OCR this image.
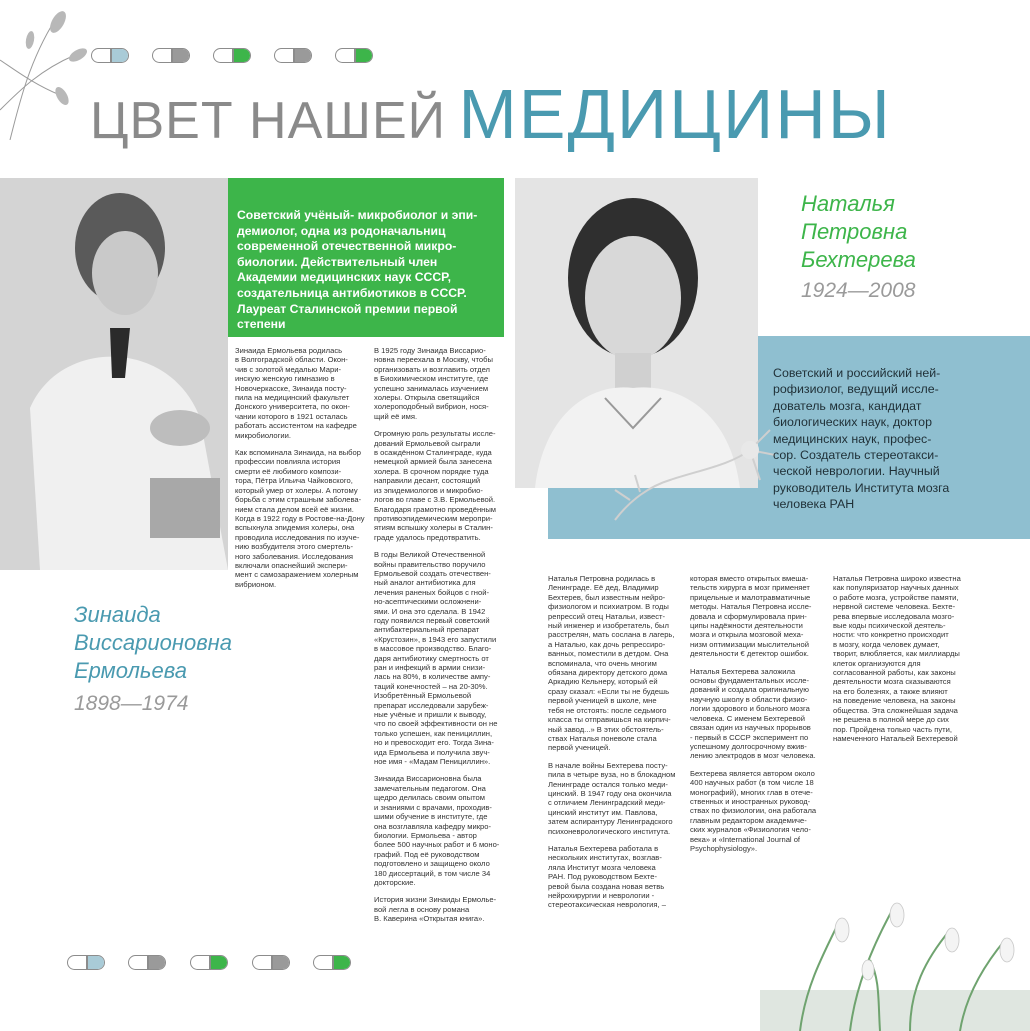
ЦВЕТ НАШЕЙ МЕДИЦИНЫ
Советский учёный- микробиолог и эпи-
демиолог, одна из родоначальниц
современной отечественной микро-
биологии. Действительный член
Академии медицинских наук СССР,
создательница антибиотиков в СССР.
Лауреат Сталинской премии первой
степени

Зинаида Ермольева родилась
в Волгоградской области. Окон-
чив с золотой медалью Мари-
инскую женскую гимназию в
Новочеркасске, Зинаида посту-
пила на медицинский факультет
Донского университета, по окон-
чании которого в 1921 осталась
работать ассистентом на кафедре
микробиологии.

Как вспоминала Зинаида, на выбор
профессии повлияла история
смерти её любимого компози-
тора, Пётра Ильича Чайковского,
который умер от холеры. А потому
борьба с этим страшным заболева-
нием стала делом всей её жизни.
Когда в 1922 году в Ростове-на-Дону
вспыхнула эпидемия холеры, она
проводила исследования по изуче-
нию возбудителя этого смертель-
ного заболевания. Исследования
включали опаснейший экспери-
мент с самозаражением холерным
вибрионом.

В 1925 году Зинаида Виссарио-
новна переехала в Москву, чтобы
организовать и возглавить отдел
в Биохимическом институте, где
успешно занималась изучением
холеры. Открыла светящийся
холероподобный вибрион, нося-
щий её имя.

Огромную роль результаты иссле-
дований Ермольевой сыграли
в осаждённом Сталинграде, куда
немецкой армией была занесена
холера. В срочном порядке туда
направили десант, состоящий
из эпидемиологов и микробио-
логов во главе с З.В. Ермольевой.
Благодаря грамотно проведённым
противоэпидемическим меропри-
ятиям вспышку холеры в Сталин-
граде удалось предотвратить.

В годы Великой Отечественной
войны правительство поручило
Ермольевой создать отечествен-
ный аналог антибиотика для
лечения раненых бойцов с гной-
но-асептическими осложнени-
ями. И она это сделала. В 1942
году появился первый советский
антибактериальный препарат
«Крустозин», в 1943 его запустили
в массовое производство. Благо-
даря антибиотику смертность от
ран и инфекций в армии снизи-
лась на 80%, в количестве ампу-
таций конечностей – на 20-30%.
Изобретённый Ермольевой
препарат исследовали зарубеж-
ные учёные и пришли к выводу,
что по своей эффективности он не
только успешен, как пенициллин,
но и превосходит его. Тогда Зина-
ида Ермольева и получила звуч-
ное имя - «Мадам Пенициллин».

Зинаида Виссарионовна была
замечательным педагогом. Она
щедро делилась своим опытом
и знаниями с врачами, проходив-
шими обучение в институте, где
она возглавляла кафедру микро-
биологии. Ермольева - автор
более 500 научных работ и 6 моно-
графий. Под её руководством
подготовлено и защищено около
180 диссертаций, в том числе 34
докторские.

История жизни Зинаиды Ермолье-
вой легла в основу романа
В. Каверина «Открытая книга».

Зинаида
Виссарионовна
Ермольева
1898—1974
Наталья
Петровна
Бехтерева
1924—2008
Советский и российский ней-
рофизиолог, ведущий иссле-
дователь мозга, кандидат
биологических наук, доктор
медицинских наук, профес-
сор. Создатель стереотакси-
ческой неврологии. Научный
руководитель Института мозга
человека РАН

Наталья Петровна родилась в
Ленинграде. Её дед, Владимир
Бехтерев, был известным нейро-
физиологом и психиатром. В годы
репрессий отец Натальи, извест-
ный инженер и изобретатель, был
расстрелян, мать сослана в лагерь,
а Наталью, как дочь репрессиро-
ванных, поместили в детдом. Она
вспоминала, что очень многим
обязана директору детского дома
Аркадию Кельнеру, который ей
сразу сказал: «Если ты не будешь
первой ученицей в школе, мне
тебя не отстоять: после седьмого
класса ты отправишься на кирпич-
ный завод...» В этих обстоятель-
ствах Наталья поневоле стала
первой ученицей.

В начале войны Бехтерева посту-
пила в четыре вуза, но в блокадном
Ленинграде остался только меди-
цинский. В 1947 году она окончила
с отличием Ленинградский меди-
цинский институт им. Павлова,
затем аспирантуру Ленинградского
психоневрологического института.

Наталья Бехтерева работала в
нескольких институтах, возглав-
ляла Институт мозга человека
РАН. Под руководством Бехте-
ревой была создана новая ветвь
нейрохирургии и неврологии -
стереотаксическая неврология, –

которая вместо открытых вмеша-
тельств хирурга в мозг применяет
прицельные и малотравматичные
методы. Наталья Петровна иссле-
довала и сформулировала прин-
ципы надёжности деятельности
мозга и открыла мозговой меха-
низм оптимизации мыслительной
деятельности € детектор ошибок.

Наталья Бехтерева заложила
основы фундаментальных иссле-
дований и создала оригинальную
научную школу в области физио-
логии здорового и больного мозга
человека. С именем Бехтеревой
связан один из научных прорывов
- первый в СССР эксперимент по
успешному долгосрочному вжив-
лению электродов в мозг человека.

Бехтерева является автором около
400 научных работ (в том числе 18
монографий), многих глав в отече-
ственных и иностранных руковод-
ствах по физиологии, она работала
главным редактором академиче-
ских журналов «Физиология чело-
века» и «International Journal of
Psychophysiology».

Наталья Петровна широко известна
как популяризатор научных данных
о работе мозга, устройстве памяти,
нервной системе человека. Бехте-
рева впервые исследовала мозго-
вые коды психической деятель-
ности: что конкретно происходит
в мозгу, когда человек думает,
творит, влюбляется, как миллиарды
клеток организуются для
согласованной работы, как законы
деятельности мозга сказываются
на его болезнях, а также влияют
на поведение человека, на законы
общества. Эта сложнейшая задача
не решена в полной мере до сих
пор. Пройдена только часть пути,
намеченного Натальей Бехтеревой
